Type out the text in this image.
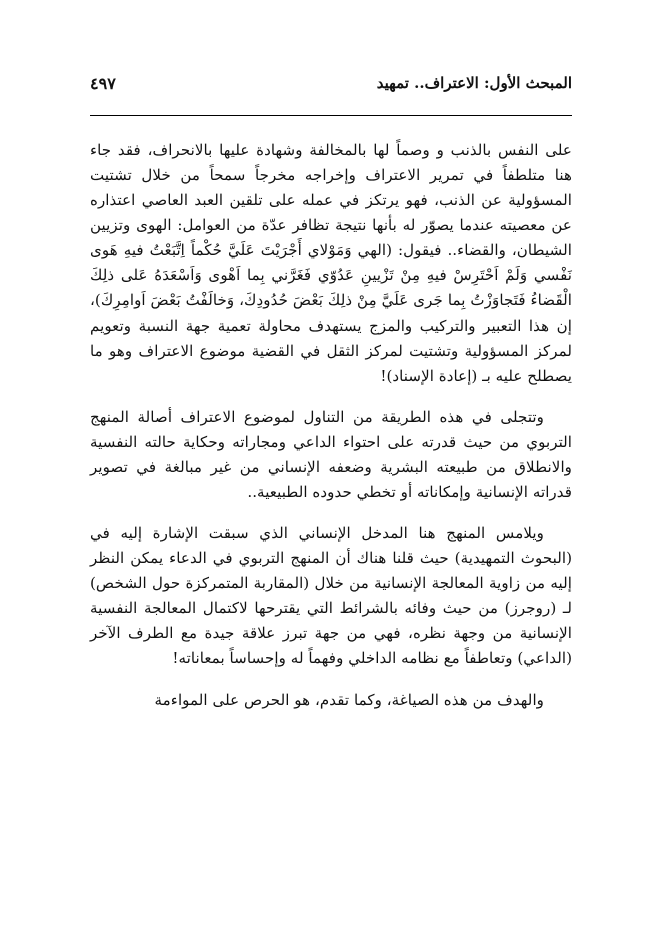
المبحث الأول: الاعتراف.. تمهيد
٤٩٧

على النفس بالذنب و وصماً لها بالمخالفة وشهادة عليها بالانحراف، فقد جاء هنا متلطفاً في تمرير الاعتراف وإخراجه مخرجاً سمحاً من خلال تشتيت المسؤولية عن الذنب، فهو يرتكز في عمله على تلقين العبد العاصي اعتذاره عن معصيته عندما يصوّر له بأنها نتيجة تظافر عدّة من العوامل: الهوى وتزيين الشيطان، والقضاء.. فيقول: (الهي وَمَوْلاي أَجْرَيْتَ عَلَيَّ حُكْماً اِتَّبَعْتُ فيهِ هَوى نَفْسي وَلَمْ اَحْتَرِسْ فيهِ مِنْ تَزْيينِ عَدُوّي فَغَرَّني بِما اَهْوى وَاَسْعَدَهُ عَلى ذلِكَ الْقَضاءُ فَتَجاوَزْتُ بِما جَرى عَلَيَّ مِنْ ذلِكَ بَعْضَ حُدُودِكَ، وَخالَفْتُ بَعْضَ اَوامِرِكَ)، إن هذا التعبير والتركيب والمزج يستهدف محاولة تعمية جهة النسبة وتعويم لمركز المسؤولية وتشتيت لمركز الثقل في القضية موضوع الاعتراف وهو ما يصطلح عليه بـ (إعادة الإسناد)!

وتتجلى في هذه الطريقة من التناول لموضوع الاعتراف أصالة المنهج التربوي من حيث قدرته على احتواء الداعي ومجاراته وحكاية حالته النفسية والانطلاق من طبيعته البشرية وضعفه الإنساني من غير مبالغة في تصوير قدراته الإنسانية وإمكاناته أو تخطي حدوده الطبيعية..

ويلامس المنهج هنا المدخل الإنساني الذي سبقت الإشارة إليه في (البحوث التمهيدية) حيث قلنا هناك أن المنهج التربوي في الدعاء يمكن النظر إليه من زاوية المعالجة الإنسانية من خلال (المقاربة المتمركزة حول الشخص) لـ (روجرز) من حيث وفائه بالشرائط التي يقترحها لاكتمال المعالجة النفسية الإنسانية من وجهة نظره، فهي من جهة تبرز علاقة جيدة مع الطرف الآخر (الداعي) وتعاطفاً مع نظامه الداخلي وفهماً له وإحساساً بمعاناته!

والهدف من هذه الصياغة، وكما تقدم، هو الحرص على المواءمة
